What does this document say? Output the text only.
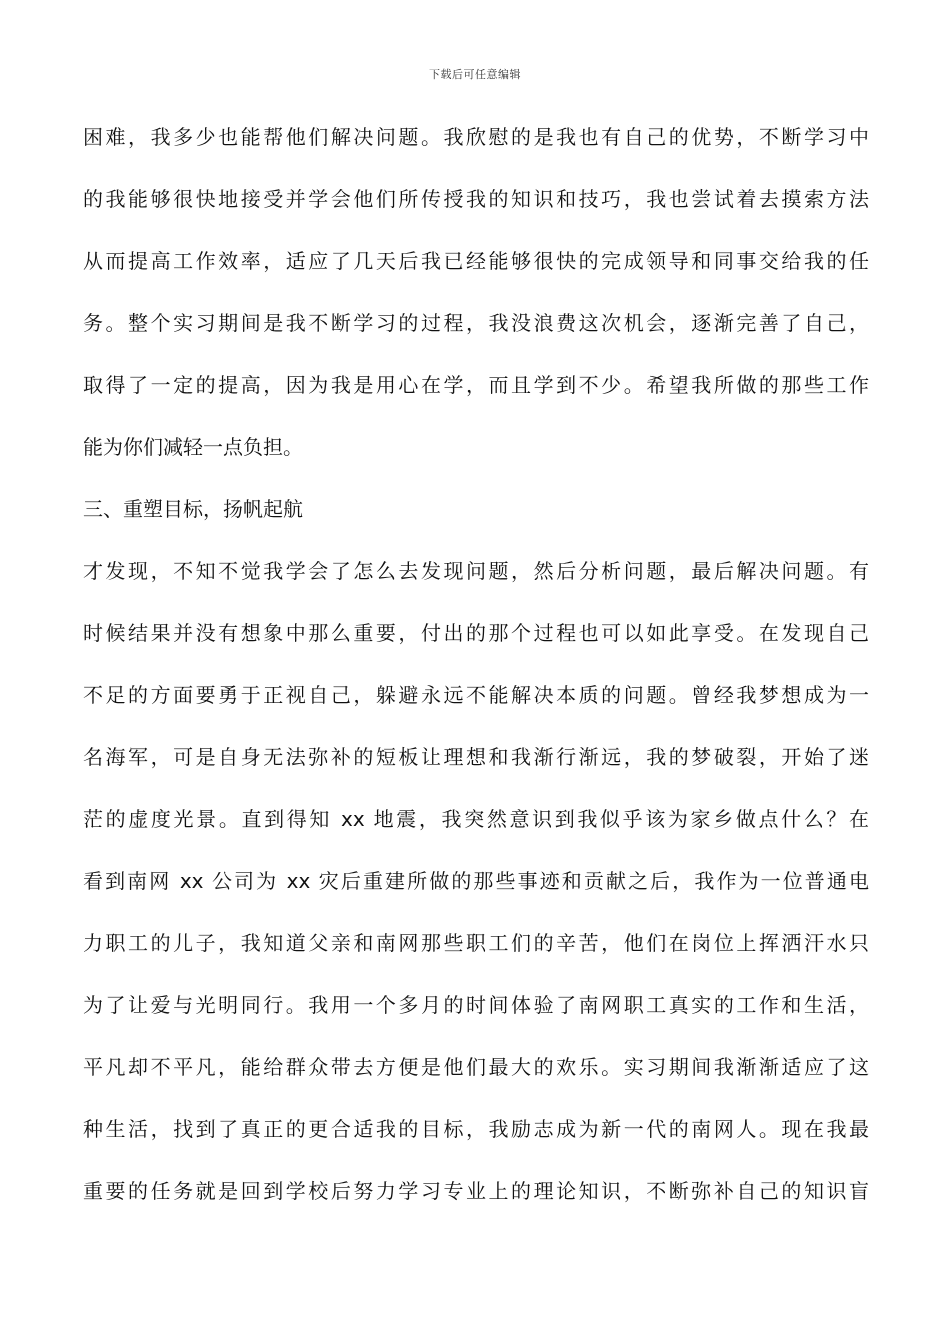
下载后可任意编辑
困难，我多少也能帮他们解决问题。我欣慰的是我也有自己的优势，不断学习中
的我能够很快地接受并学会他们所传授我的知识和技巧，我也尝试着去摸索方法
从而提高工作效率，适应了几天后我已经能够很快的完成领导和同事交给我的任
务。整个实习期间是我不断学习的过程，我没浪费这次机会，逐渐完善了自己，
取得了一定的提高，因为我是用心在学，而且学到不少。希望我所做的那些工作
能为你们减轻一点负担。
三、重塑目标，扬帆起航
才发现，不知不觉我学会了怎么去发现问题，然后分析问题，最后解决问题。有
时候结果并没有想象中那么重要，付出的那个过程也可以如此享受。在发现自己
不足的方面要勇于正视自己，躲避永远不能解决本质的问题。曾经我梦想成为一
名海军，可是自身无法弥补的短板让理想和我渐行渐远，我的梦破裂，开始了迷
茫的虚度光景。直到得知 xx 地震，我突然意识到我似乎该为家乡做点什么？在
看到南网 xx 公司为 xx 灾后重建所做的那些事迹和贡献之后，我作为一位普通电
力职工的儿子，我知道父亲和南网那些职工们的辛苦，他们在岗位上挥洒汗水只
为了让爱与光明同行。我用一个多月的时间体验了南网职工真实的工作和生活，
平凡却不平凡，能给群众带去方便是他们最大的欢乐。实习期间我渐渐适应了这
种生活，找到了真正的更合适我的目标，我励志成为新一代的南网人。现在我最
重要的任务就是回到学校后努力学习专业上的理论知识，不断弥补自己的知识盲
